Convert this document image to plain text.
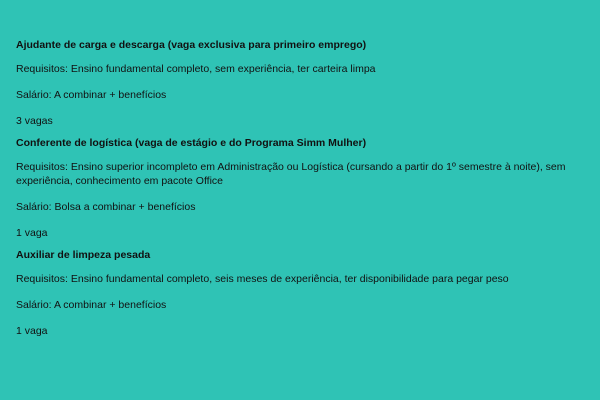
Ajudante de carga e descarga (vaga exclusiva para primeiro emprego)

Requisitos: Ensino fundamental completo, sem experiência, ter carteira limpa

Salário: A combinar + benefícios

3 vagas

Conferente de logística (vaga de estágio e do Programa Simm Mulher)

Requisitos: Ensino superior incompleto em Administração ou Logística (cursando a partir do 1º semestre à noite), sem experiência, conhecimento em pacote Office

Salário: Bolsa a combinar + benefícios

1 vaga

Auxiliar de limpeza pesada

Requisitos: Ensino fundamental completo, seis meses de experiência, ter disponibilidade para pegar peso

Salário: A combinar + benefícios

1 vaga
